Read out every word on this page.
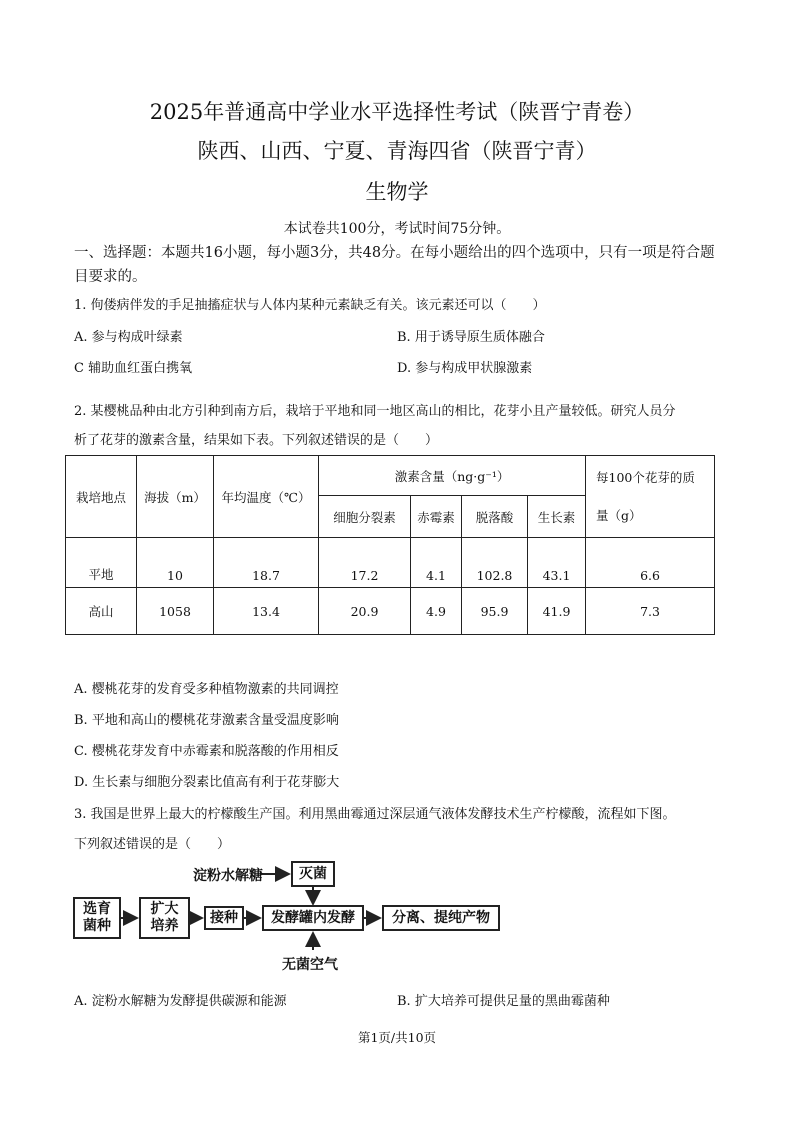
2025年普通高中学业水平选择性考试（陕晋宁青卷）
陕西、山西、宁夏、青海四省（陕晋宁青）
生物学
本试卷共100分，考试时间75分钟。
一、选择题：本题共16小题，每小题3分，共48分。在每小题给出的四个选项中，只有一项是符合题目要求的。
1. 佝偻病伴发的手足抽搐症状与人体内某种元素缺乏有关。该元素还可以（　　）
A. 参与构成叶绿素	B. 用于诱导原生质体融合
C 辅助血红蛋白携氧	D. 参与构成甲状腺激素
2. 某樱桃品种由北方引种到南方后，栽培于平地和同一地区高山的相比，花芽小且产量较低。研究人员分
析了花芽的激素含量，结果如下表。下列叙述错误的是（　　）
栽培地点	海拔（m）	年均温度（℃）	激素含量（ng·g⁻¹）				每100个花芽的质
量（g）

			细胞分裂素	赤霉素	脱落酸	生长素	
平地	10	18.7	17.2	4.1	102.8	43.1	6.6
高山	1058	13.4	20.9	4.9	95.9	41.9	7.3
A. 樱桃花芽的发育受多种植物激素的共同调控
B. 平地和高山的樱桃花芽激素含量受温度影响
C. 樱桃花芽发育中赤霉素和脱落酸的作用相反
D. 生长素与细胞分裂素比值高有利于花芽膨大
3. 我国是世界上最大的柠檬酸生产国。利用黑曲霉通过深层通气液体发酵技术生产柠檬酸，流程如下图。
下列叙述错误的是（　　）
淀粉水解糖	灭菌
选育
菌种
扩大
培养
接种	发酵罐内发酵	分离、提纯产物
无菌空气
A. 淀粉水解糖为发酵提供碳源和能源	B. 扩大培养可提供足量的黑曲霉菌种
第1页/共10页
